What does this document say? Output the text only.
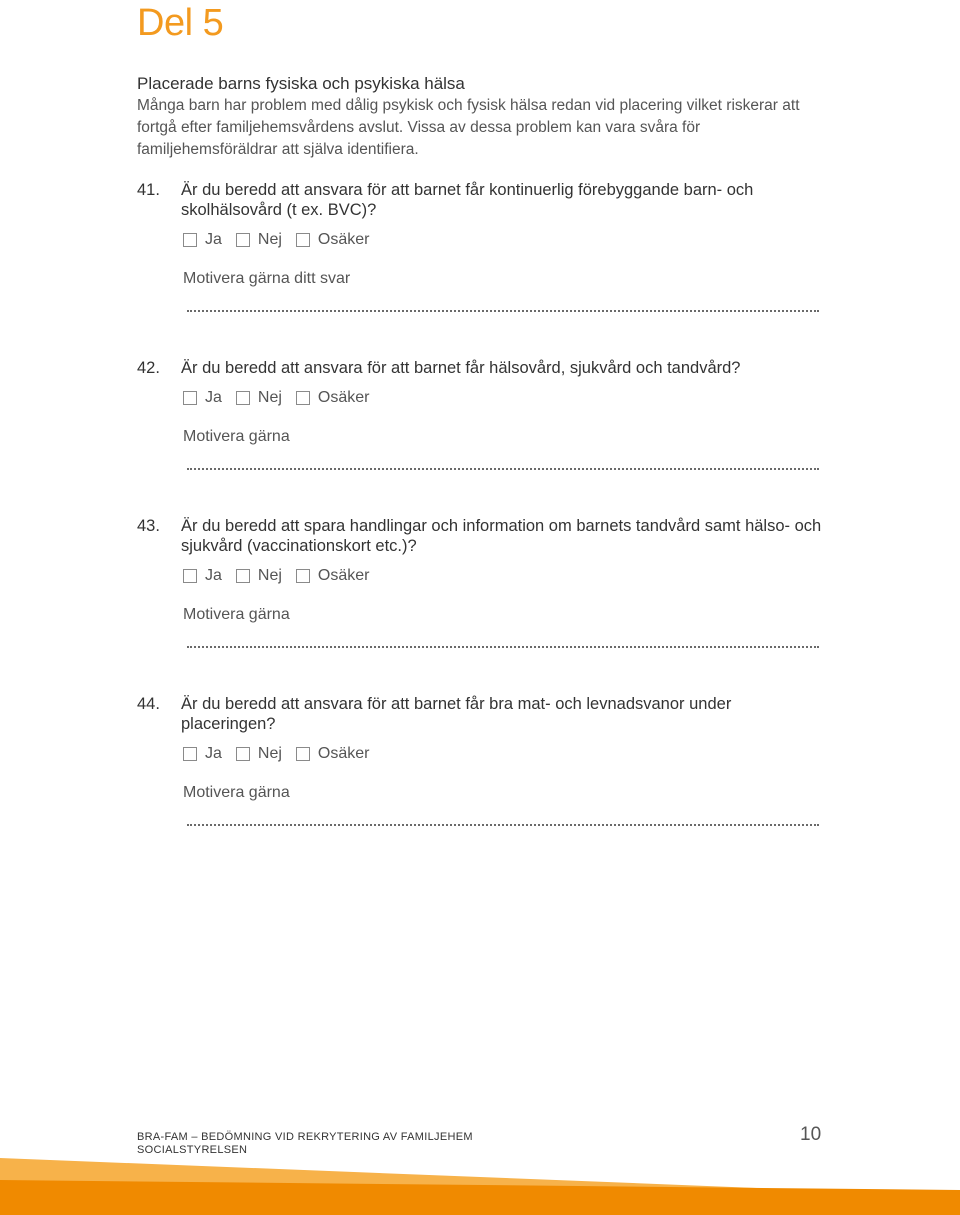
Del 5
Placerade barns fysiska och psykiska hälsa
Många barn har problem med dålig psykisk och fysisk hälsa redan vid placering vilket riskerar att fortgå efter familjehemsvårdens avslut. Vissa av dessa problem kan vara svåra för familjehemsföräldrar att själva identifiera.
41.	Är du beredd att ansvara för att barnet får kontinuerlig förebyggande barn- och skolhälsovård (t ex. BVC)?
Ja Nej Osäker
Motivera gärna ditt svar
42.	Är du beredd att ansvara för att barnet får hälsovård, sjukvård och tandvård?
Ja Nej Osäker
Motivera gärna
43.	Är du beredd att spara handlingar och information om barnets tandvård samt hälso- och sjukvård (vaccinationskort etc.)?
Ja Nej Osäker
Motivera gärna
44.	Är du beredd att ansvara för att barnet får bra mat- och levnadsvanor under placeringen?
Ja Nej Osäker
Motivera gärna
BRA-FAM – BEDÖMNING VID REKRYTERING AV FAMILJEHEM
SOCIALSTYRELSEN
10
